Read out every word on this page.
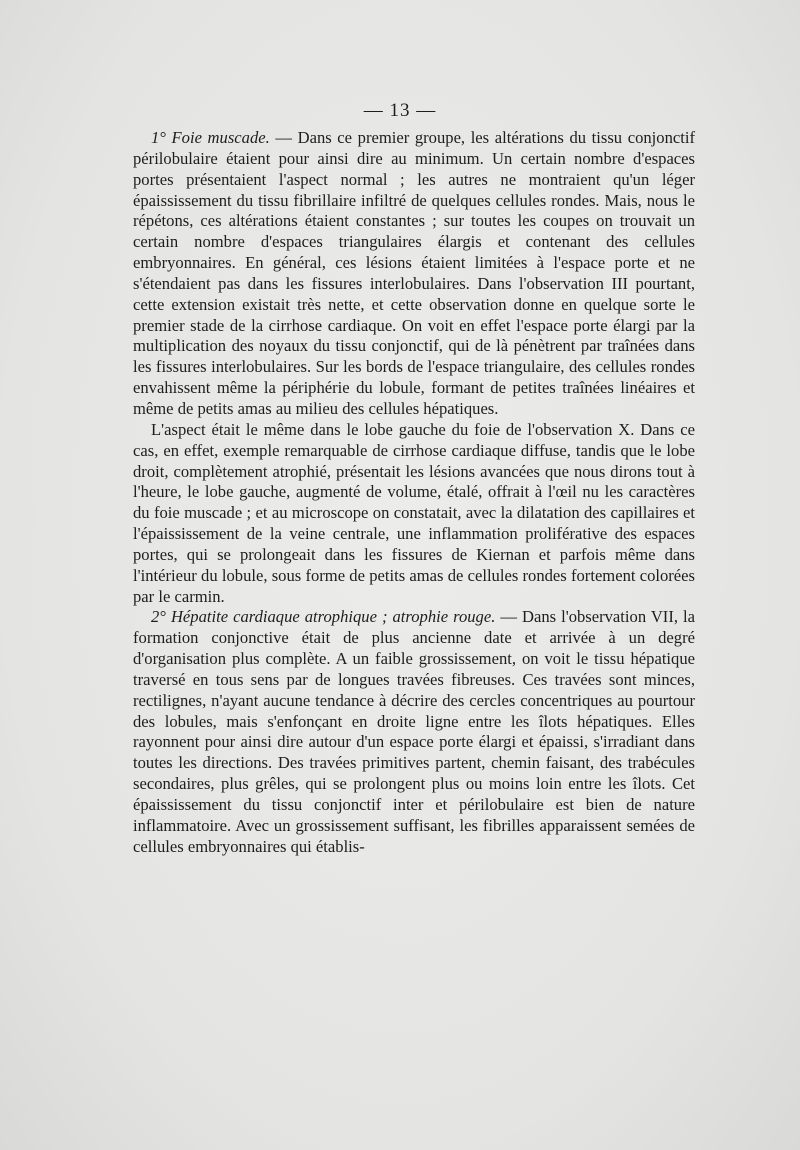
— 13 —

1° Foie muscade. — Dans ce premier groupe, les altérations du tissu conjonctif périlobulaire étaient pour ainsi dire au minimum. Un certain nombre d'espaces portes présentaient l'aspect normal ; les autres ne montraient qu'un léger épaississement du tissu fibrillaire infiltré de quelques cellules rondes. Mais, nous le répétons, ces altérations étaient constantes ; sur toutes les coupes on trouvait un certain nombre d'espaces triangulaires élargis et contenant des cellules embryonnaires. En général, ces lésions étaient limitées à l'espace porte et ne s'étendaient pas dans les fissures interlobulaires. Dans l'observation III pourtant, cette extension existait très nette, et cette observation donne en quelque sorte le premier stade de la cirrhose cardiaque. On voit en effet l'espace porte élargi par la multiplication des noyaux du tissu conjonctif, qui de là pénètrent par traînées dans les fissures interlobulaires. Sur les bords de l'espace triangulaire, des cellules rondes envahissent même la périphérie du lobule, formant de petites traînées linéaires et même de petits amas au milieu des cellules hépatiques.

L'aspect était le même dans le lobe gauche du foie de l'observation X. Dans ce cas, en effet, exemple remarquable de cirrhose cardiaque diffuse, tandis que le lobe droit, complètement atrophié, présentait les lésions avancées que nous dirons tout à l'heure, le lobe gauche, augmenté de volume, étalé, offrait à l'œil nu les caractères du foie muscade ; et au microscope on constatait, avec la dilatation des capillaires et l'épaississement de la veine centrale, une inflammation proliférative des espaces portes, qui se prolongeait dans les fissures de Kiernan et parfois même dans l'intérieur du lobule, sous forme de petits amas de cellules rondes fortement colorées par le carmin.

2° Hépatite cardiaque atrophique ; atrophie rouge. — Dans l'observation VII, la formation conjonctive était de plus ancienne date et arrivée à un degré d'organisation plus complète. A un faible grossissement, on voit le tissu hépatique traversé en tous sens par de longues travées fibreuses. Ces travées sont minces, rectilignes, n'ayant aucune tendance à décrire des cercles concentriques au pourtour des lobules, mais s'enfonçant en droite ligne entre les îlots hépatiques. Elles rayonnent pour ainsi dire autour d'un espace porte élargi et épaissi, s'irradiant dans toutes les directions. Des travées primitives partent, chemin faisant, des trabécules secondaires, plus grêles, qui se prolongent plus ou moins loin entre les îlots. Cet épaississement du tissu conjonctif inter et périlobulaire est bien de nature inflammatoire. Avec un grossissement suffisant, les fibrilles apparaissent semées de cellules embryonnaires qui établis-
